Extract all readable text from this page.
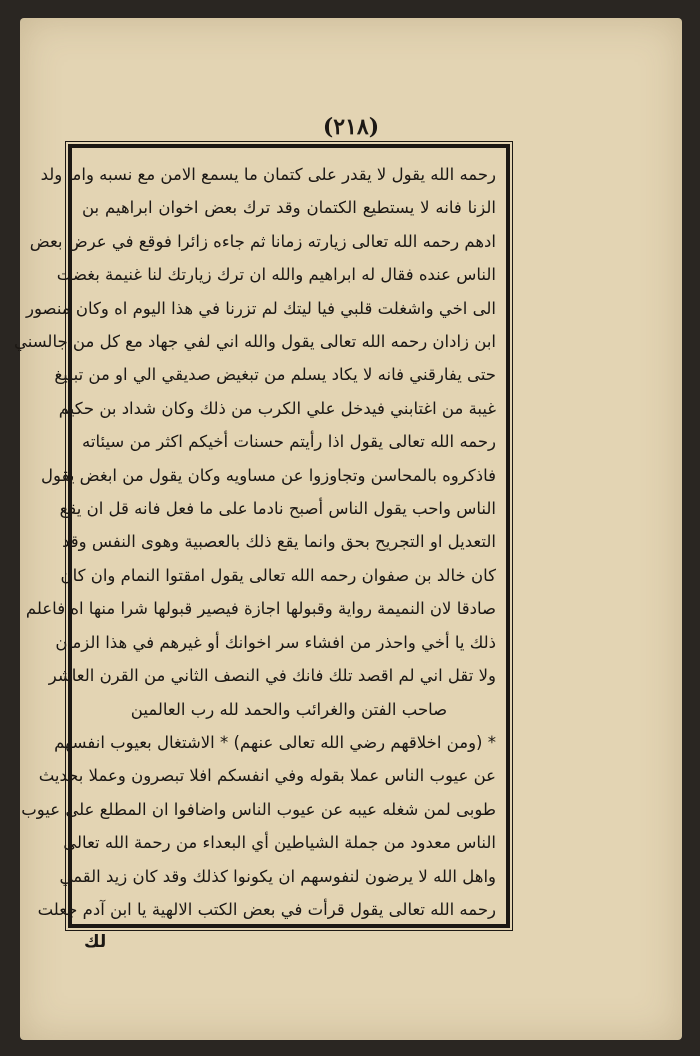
(٢١٨)
رحمه الله يقول لا يقدر على كتمان ما يسمع الامن مع نسبه واما ولد
الزنا فانه لا يستطيع الكتمان وقد ترك بعض اخوان ابراهيم بن
ادهم رحمه الله تعالى زيارته زمانا ثم جاءه زائرا فوقع في عرض بعض
الناس عنده فقال له ابراهيم والله ان ترك زيارتك لنا غنيمة بغضت
الى اخي واشغلت قلبي فيا ليتك لم تزرنا في هذا اليوم اه وكان منصور
ابن زادان رحمه الله تعالى يقول والله اني لفي جهاد مع كل من جالسني
حتى يفارقني فانه لا يكاد يسلم من تبغيض صديقي الي او من تبليغ
غيبة من اغتابني فيدخل علي الكرب من ذلك وكان شداد بن حكيم
رحمه الله تعالى يقول اذا رأيتم حسنات أخيكم اكثر من سيئاته
فاذكروه بالمحاسن وتجاوزوا عن مساويه وكان يقول من ابغض يقول
الناس واحب يقول الناس أصبح نادما على ما فعل فانه قل ان يقع
التعديل او التجريح بحق وانما يقع ذلك بالعصبية وهوى النفس وقد
كان خالد بن صفوان رحمه الله تعالى يقول امقتوا النمام وان كان
صادقا لان النميمة رواية وقبولها اجازة فيصير قبولها شرا منها اه فاعلم
ذلك يا أخي واحذر من افشاء سر اخوانك أو غيرهم في هذا الزمان
ولا تقل اني لم اقصد تلك فانك في النصف الثاني من القرن العاشر
صاحب الفتن والغرائب والحمد لله رب العالمين
* (ومن اخلاقهم رضي الله تعالى عنهم) * الاشتغال بعيوب انفسهم
عن عيوب الناس عملا بقوله وفي انفسكم افلا تبصرون وعملا بحديث
طوبى لمن شغله عيبه عن عيوب الناس واضافوا ان المطلع على عيوب
الناس معدود من جملة الشياطين أي البعداء من رحمة الله تعالى
واهل الله لا يرضون لنفوسهم ان يكونوا كذلك وقد كان زيد القمي
رحمه الله تعالى يقول قرأت في بعض الكتب الالهية يا ابن آدم جعلت
لك
